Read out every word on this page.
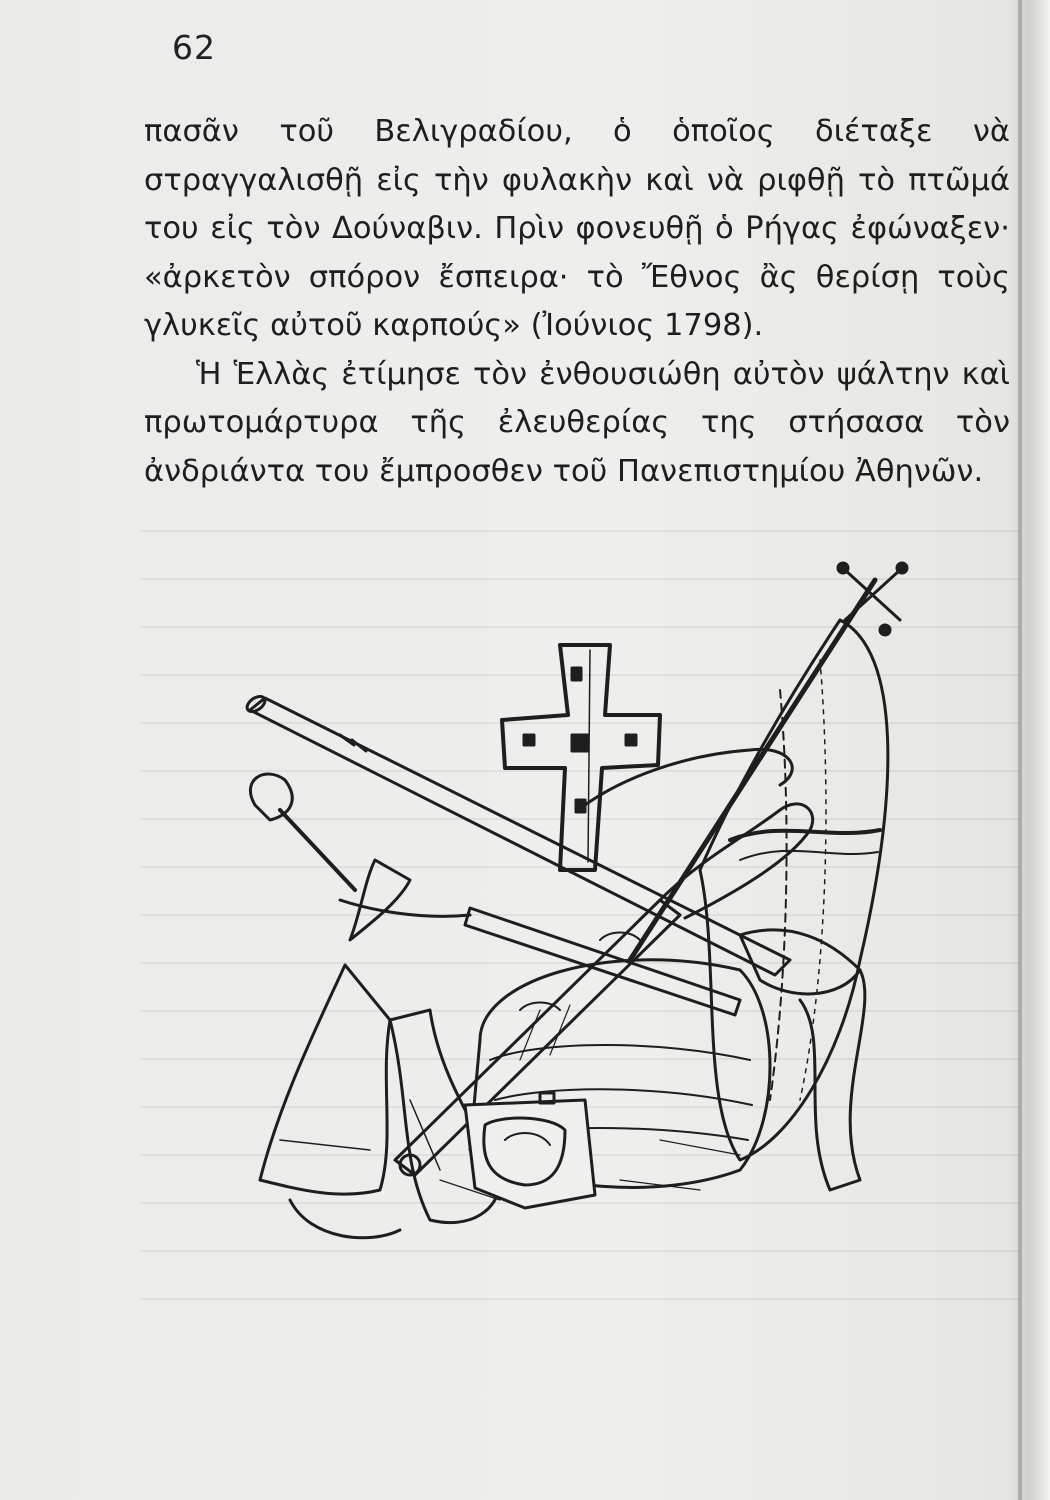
62

πασᾶν τοῦ Βελιγραδίου, ὁ ὁποῖος διέταξε νὰ στραγγαλισθῇ εἰς τὴν φυλακὴν καὶ νὰ ριφθῇ τὸ πτῶμά του εἰς τὸν Δούναβιν. Πρὶν φονευθῇ ὁ Ρήγας ἐφώναξεν· «ἀρκετὸν σπόρον ἔσπειρα· τὸ Ἔθνος ἂς θερίσῃ τοὺς γλυκεῖς αὐτοῦ καρπούς» (Ἰούνιος 1798).

Ἡ Ἑλλὰς ἐτίμησε τὸν ἐνθουσιώθη αὐτὸν ψάλτην καὶ πρωτομάρτυρα τῆς ἐλευθερίας της στήσασα τὸν ἀνδριάντα του ἔμπροσθεν τοῦ Πανεπιστημίου Ἀθηνῶν.
